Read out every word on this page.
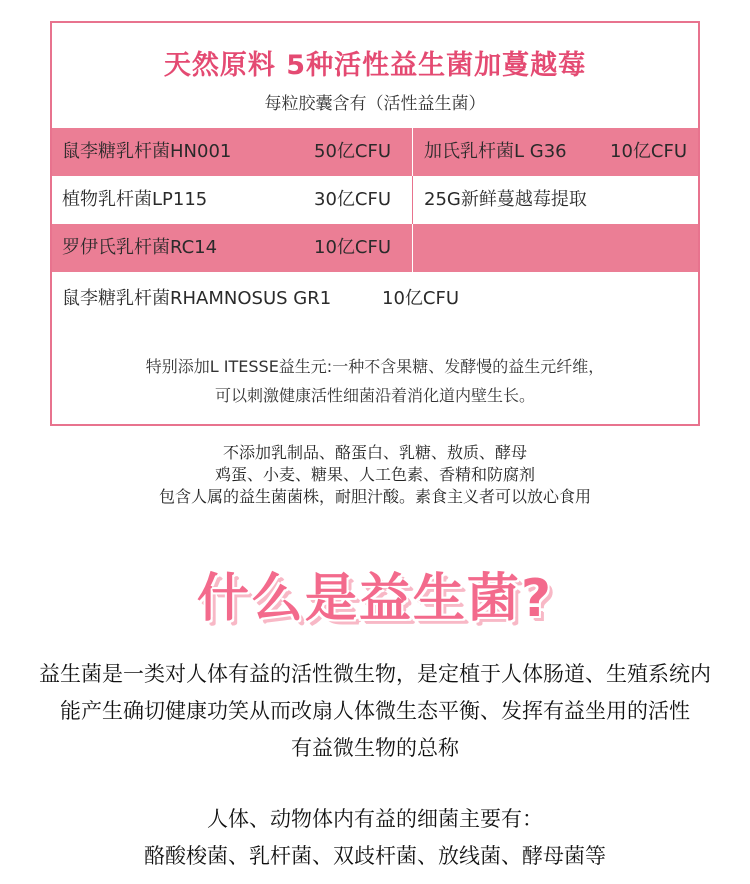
天然原料 5种活性益生菌加蔓越莓
每粒胶囊含有（活性益生菌）
鼠李糖乳杆菌HN001	50亿CFU 加氏乳杆菌L G36 10亿CFU
植物乳杆菌LP115	30亿CFU 25G新鲜蔓越莓提取
罗伊氏乳杆菌RC14	10亿CFU
鼠李糖乳杆菌RHAMNOSUS GR1	10亿CFU
特别添加L ITESSE益生元:一种不含果糖、发酵慢的益生元纤维，
可以刺激健康活性细菌沿着消化道内壁生长。
不添加乳制品、酪蛋白、乳糖、敖质、酵母
鸡蛋、小麦、糖果、人工色素、香精和防腐剂
包含人属的益生菌菌株，耐胆汁酸。素食主义者可以放心食用
什么是益生菌?
益生菌是一类对人体有益的活性微生物，是定植于人体肠道、生殖系统内
能产生确切健康功笑从而改扇人体微生态平衡、发挥有益坐用的活性
有益微生物的总称
人体、动物体内有益的细菌主要有：
酪酸梭菌、乳杆菌、双歧杆菌、放线菌、酵母菌等
